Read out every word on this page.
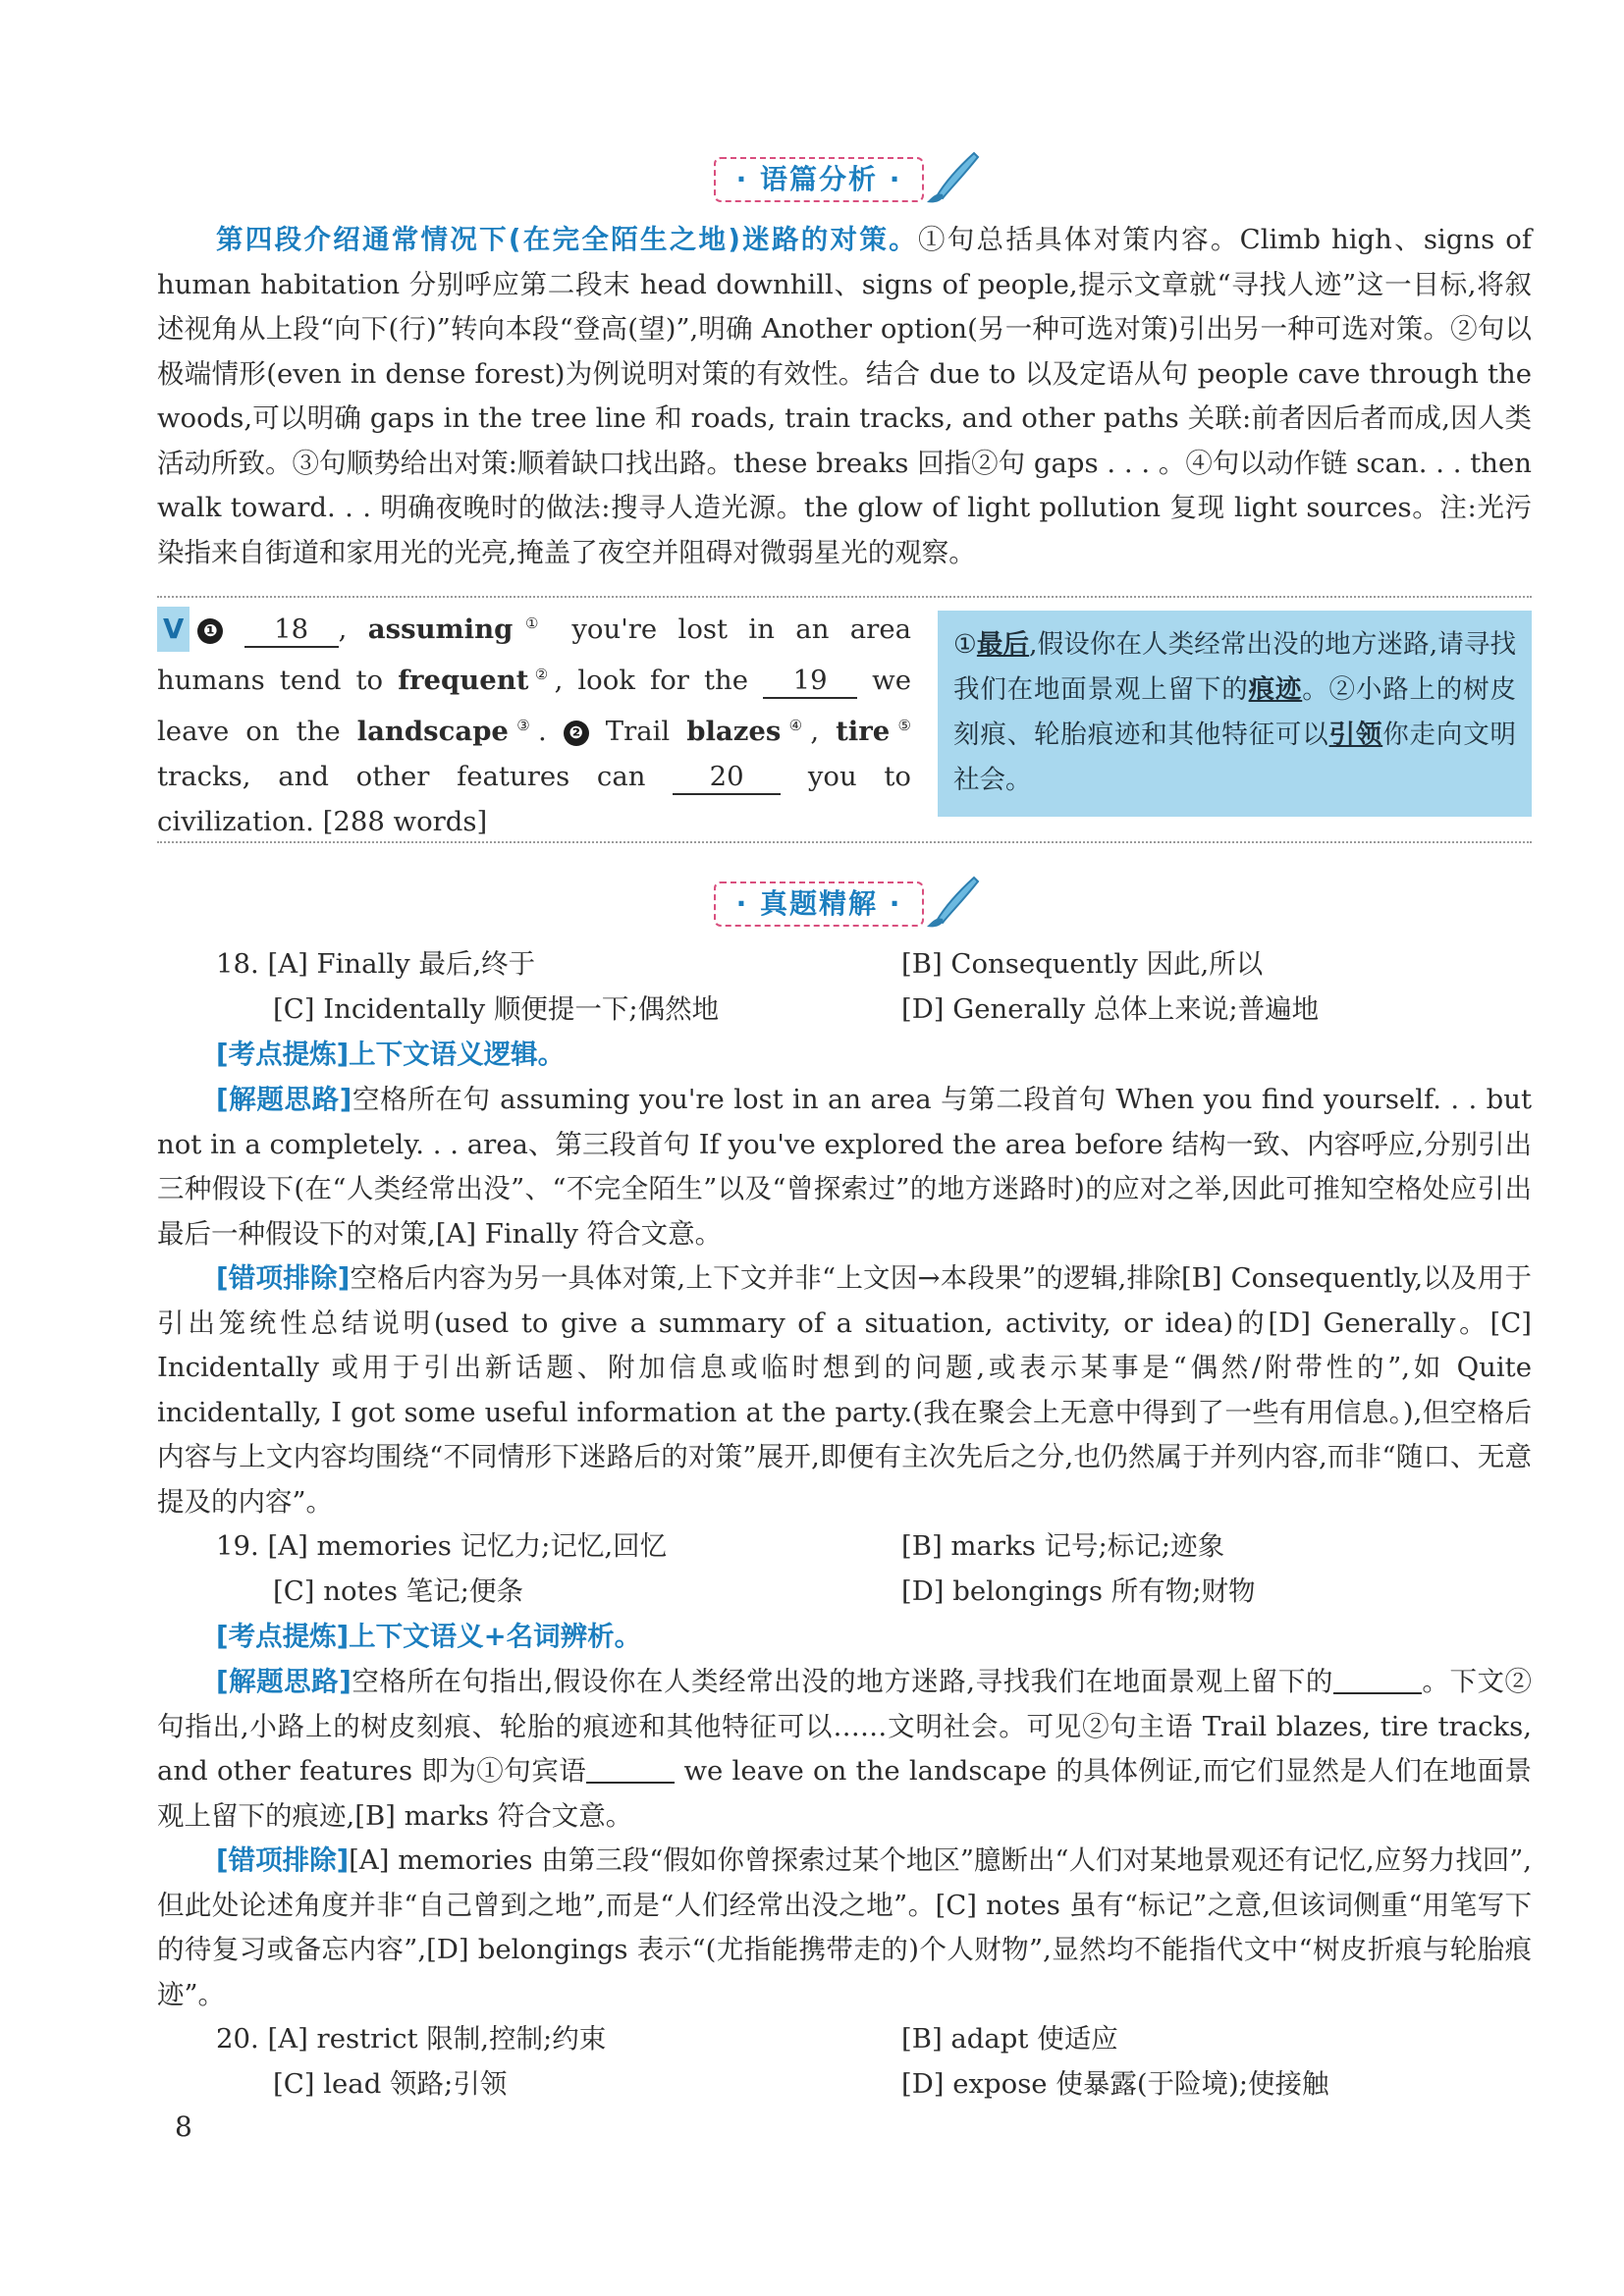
· 语篇分析 ·

第四段介绍通常情况下(在完全陌生之地)迷路的对策。①句总括具体对策内容。Climb high、signs of human habitation 分别呼应第二段末 head downhill、signs of people,提示文章就“寻找人迹”这一目标,将叙述视角从上段“向下(行)”转向本段“登高(望)”,明确 Another option(另一种可选对策)引出另一种可选对策。②句以极端情形(even in dense forest)为例说明对策的有效性。结合 due to 以及定语从句 people cave through the woods,可以明确 gaps in the tree line 和 roads, train tracks, and other paths 关联:前者因后者而成,因人类活动所致。③句顺势给出对策:顺着缺口找出路。these breaks 回指②句 gaps . . . 。④句以动作链 scan. . . then walk toward. . . 明确夜晚时的做法:搜寻人造光源。the glow of light pollution 复现 light sources。注:光污染指来自街道和家用光的光亮,掩盖了夜空并阻碍对微弱星光的观察。

V ❶ 18 , assuming① you're lost in an area humans tend to frequent②, look for the 19 we leave on the landscape③. ❷ Trail blazes④, tire⑤ tracks, and other features can 20 you to civilization. [288 words]
①最后,假设你在人类经常出没的地方迷路,请寻找我们在地面景观上留下的痕迹。②小路上的树皮刻痕、轮胎痕迹和其他特征可以引领你走向文明社会。
· 真题精解 ·
18. [A] Finally 最后,终于	[B] Consequently 因此,所以
[C] Incidentally 顺便提一下;偶然地	[D] Generally 总体上来说;普遍地

[考点提炼]上下文语义逻辑。

[解题思路]空格所在句 assuming you're lost in an area 与第二段首句 When you find yourself. . . but not in a completely. . . area、第三段首句 If you've explored the area before 结构一致、内容呼应,分别引出三种假设下(在“人类经常出没”、“不完全陌生”以及“曾探索过”的地方迷路时)的应对之举,因此可推知空格处应引出最后一种假设下的对策,[A] Finally 符合文意。

[错项排除]空格后内容为另一具体对策,上下文并非“上文因→本段果”的逻辑,排除[B] Consequently,以及用于引出笼统性总结说明(used to give a summary of a situation, activity, or idea)的[D] Generally。[C] Incidentally 或用于引出新话题、附加信息或临时想到的问题,或表示某事是“偶然/附带性的”,如 Quite incidentally, I got some useful information at the party.(我在聚会上无意中得到了一些有用信息。),但空格后内容与上文内容均围绕“不同情形下迷路后的对策”展开,即便有主次先后之分,也仍然属于并列内容,而非“随口、无意提及的内容”。

19. [A] memories 记忆力;记忆,回忆	[B] marks 记号;标记;迹象
[C] notes 笔记;便条	[D] belongings 所有物;财物

[考点提炼]上下文语义+名词辨析。

[解题思路]空格所在句指出,假设你在人类经常出没的地方迷路,寻找我们在地面景观上留下的	。下文②句指出,小路上的树皮刻痕、轮胎的痕迹和其他特征可以……文明社会。可见②句主语 Trail blazes, tire tracks, and other features 即为①句宾语	we leave on the landscape 的具体例证,而它们显然是人们在地面景观上留下的痕迹,[B] marks 符合文意。

[错项排除][A] memories 由第三段“假如你曾探索过某个地区”臆断出“人们对某地景观还有记忆,应努力找回”,但此处论述角度并非“自己曾到之地”,而是“人们经常出没之地”。[C] notes 虽有“标记”之意,但该词侧重“用笔写下的待复习或备忘内容”,[D] belongings 表示“(尤指能携带走的)个人财物”,显然均不能指代文中“树皮折痕与轮胎痕迹”。

20. [A] restrict 限制,控制;约束	[B] adapt 使适应
[C] lead 领路;引领	[D] expose 使暴露(于险境);使接触
8
